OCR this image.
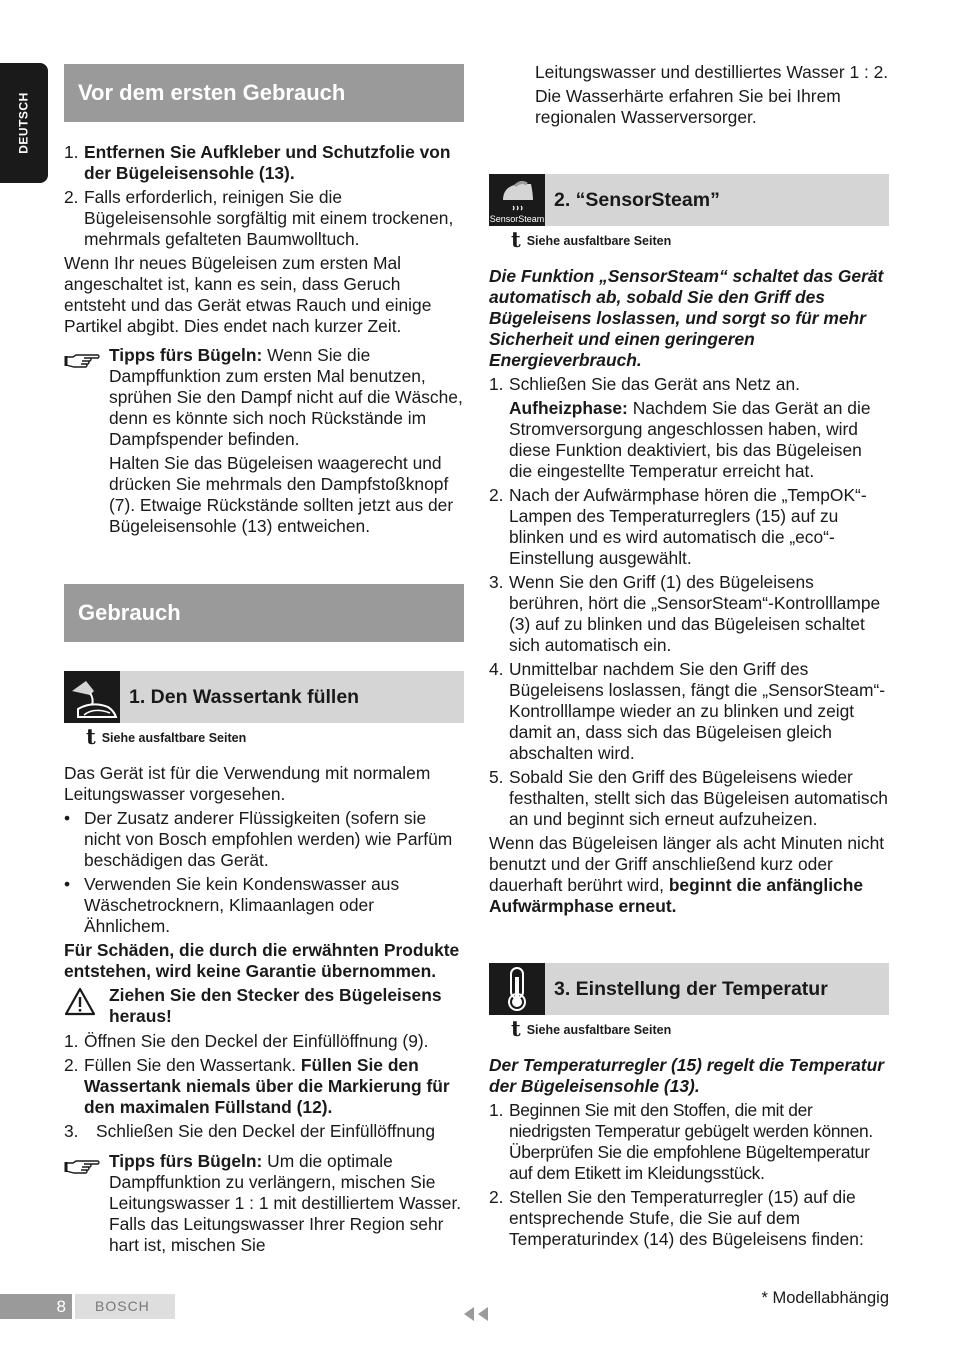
DEUTSCH	Vor dem ersten Gebrauch
1. Entfernen Sie Aufkleber und Schutzfolie von der Bügeleisensohle (13).
2. Falls erforderlich, reinigen Sie die Bügeleisensohle sorgfältig mit einem trockenen, mehrmals gefalteten Baumwolltuch.

Wenn Ihr neues Bügeleisen zum ersten Mal angeschaltet ist, kann es sein, dass Geruch entsteht und das Gerät etwas Rauch und einige Partikel abgibt. Dies endet nach kurzer Zeit.

Tipps fürs Bügeln: Wenn Sie die Dampffunktion zum ersten Mal benutzen, sprühen Sie den Dampf nicht auf die Wäsche, denn es könnte sich noch Rückstände im Dampfspender befinden.

Halten Sie das Bügeleisen waagerecht und drücken Sie mehrmals den Dampfstoßknopf (7). Etwaige Rückstände sollten jetzt aus der Bügeleisensohle (13) entweichen.

Gebrauch
1. Den Wassertank füllen
t Siehe ausfaltbare Seiten

Das Gerät ist für die Verwendung mit normalem Leitungswasser vorgesehen.

• Der Zusatz anderer Flüssigkeiten (sofern sie nicht von Bosch empfohlen werden) wie Parfüm beschädigen das Gerät.
• Verwenden Sie kein Kondenswasser aus Wäschetrocknern, Klimaanlagen oder Ähnlichem.

Für Schäden, die durch die erwähnten Produkte entstehen, wird keine Garantie übernommen.

Ziehen Sie den Stecker des Bügeleisens heraus!

1. Öffnen Sie den Deckel der Einfüllöffnung (9).
2. Füllen Sie den Wassertank. Füllen Sie den Wassertank niemals über die Markierung für den maximalen Füllstand (12).
3. Schließen Sie den Deckel der Einfüllöffnung

Tipps fürs Bügeln: Um die optimale Dampffunktion zu verlängern, mischen Sie Leitungswasser 1 : 1 mit destilliertem Wasser. Falls das Leitungswasser Ihrer Region sehr hart ist, mischen Sie

Leitungswasser und destilliertes Wasser 1 : 2.

Die Wasserhärte erfahren Sie bei Ihrem regionalen Wasserversorger.

SensorSteam
2. “SensorSteam”
t Siehe ausfaltbare Seiten

Die Funktion „SensorSteam“ schaltet das Gerät automatisch ab, sobald Sie den Griff des Bügeleisens loslassen, und sorgt so für mehr Sicherheit und einen geringeren Energieverbrauch.

1. Schließen Sie das Gerät ans Netz an.

Aufheizphase: Nachdem Sie das Gerät an die Stromversorgung angeschlossen haben, wird diese Funktion deaktiviert, bis das Bügeleisen die eingestellte Temperatur erreicht hat.

2. Nach der Aufwärmphase hören die „TempOK“-Lampen des Temperaturreglers (15) auf zu blinken und es wird automatisch die „eco“-Einstellung ausgewählt.
3. Wenn Sie den Griff (1) des Bügeleisens berühren, hört die „SensorSteam“-Kontrolllampe (3) auf zu blinken und das Bügeleisen schaltet sich automatisch ein.
4. Unmittelbar nachdem Sie den Griff des Bügeleisens loslassen, fängt die „SensorSteam“-Kontrolllampe wieder an zu blinken und zeigt damit an, dass sich das Bügeleisen gleich abschalten wird.
5. Sobald Sie den Griff des Bügeleisens wieder festhalten, stellt sich das Bügeleisen automatisch an und beginnt sich erneut aufzuheizen.

Wenn das Bügeleisen länger als acht Minuten nicht benutzt und der Griff anschließend kurz oder dauerhaft berührt wird, beginnt die anfängliche Aufwärmphase erneut.

3. Einstellung der Temperatur
t Siehe ausfaltbare Seiten

Der Temperaturregler (15) regelt die Temperatur der Bügeleisensohle (13).

1. Beginnen Sie mit den Stoffen, die mit der niedrigsten Temperatur gebügelt werden können. Überprüfen Sie die empfohlene Bügeltemperatur auf dem Etikett im Kleidungsstück.
2. Stellen Sie den Temperaturregler (15) auf die entsprechende Stufe, die Sie auf dem Temperaturindex (14) des Bügeleisens finden:
8	BOSCH	* Modellabhängig
